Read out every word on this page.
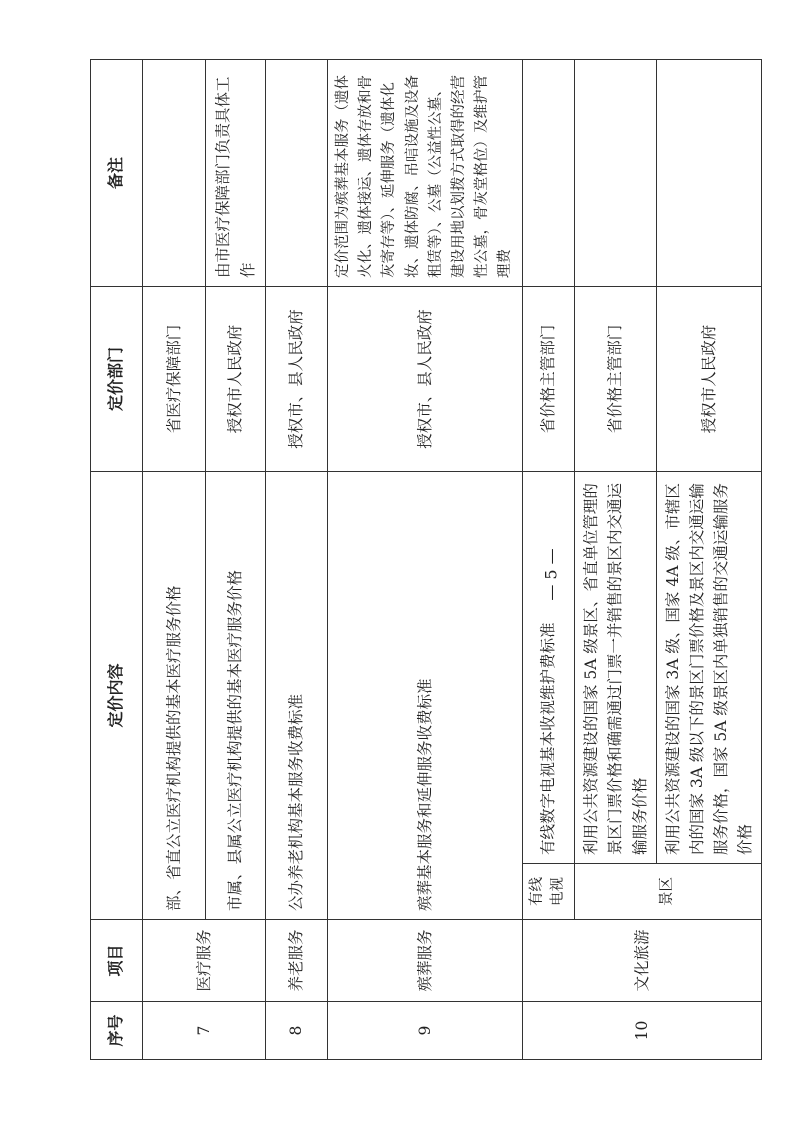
序号	项目	定价内容		定价部门	备注
7	医疗服务	部、省直公立医疗机构提供的基本医疗服务价格		省医疗保障部门	
		市属、县属公立医疗机构提供的基本医疗服务价格		授权市人民政府	由市医疗保障部门负责具体工作
8	养老服务	公办养老机构基本服务收费标准		授权市、县人民政府	
9	殡葬服务	殡葬基本服务和延伸服务收费标准		授权市、县人民政府	定价范围为殡葬基本服务（遗体火化、遗体接运、遗体存放和骨灰寄存等）、延伸服务（遗体化妆、遗体防腐、吊唁设施及设备租赁等）、公墓（公益性公墓、建设用地以划拨方式取得的经营性公墓，骨灰堂格位）及维护管理费
10	文化旅游	有线电视	有线数字电视基本收视维护费标准	省价格主管部门	
		景区	利用公共资源建设的国家 5A 级景区、省直单位管理的景区门票价格和确需通过门票一并销售的景区内交通运输服务价格	省价格主管部门	
			利用公共资源建设的国家 3A 级、国家 4A 级、市辖区内的国家 3A 级以下的景区门票价格及景区内交通运输服务价格，国家 5A 级景区内单独销售的交通运输服务价格	授权市人民政府	
— 5 —
